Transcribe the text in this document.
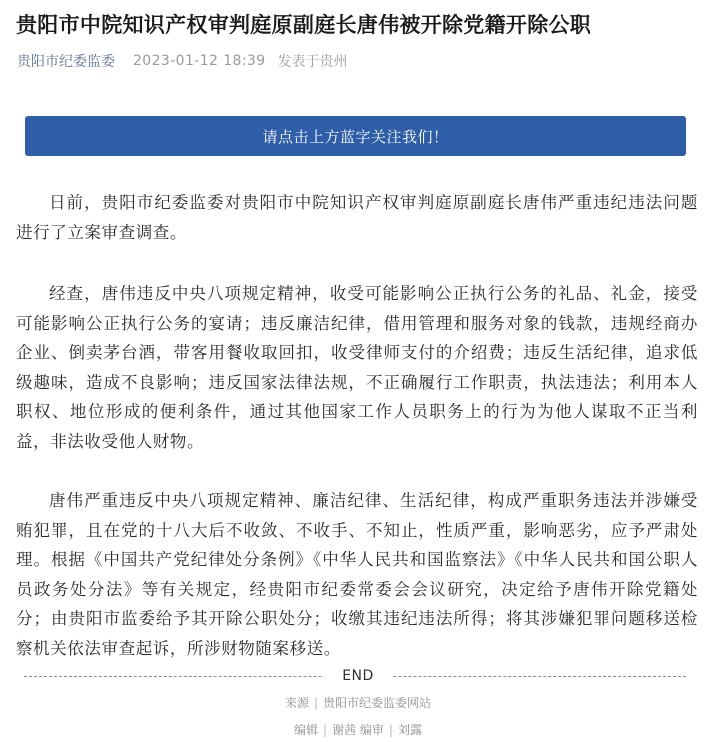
贵阳市中院知识产权审判庭原副庭长唐伟被开除党籍开除公职
贵阳市纪委监委 2023-01-12 18:39 发表于贵州
请点击上方蓝字关注我们！

日前，贵阳市纪委监委对贵阳市中院知识产权审判庭原副庭长唐伟严重违纪违法问题进行了立案审查调查。

经查，唐伟违反中央八项规定精神，收受可能影响公正执行公务的礼品、礼金，接受可能影响公正执行公务的宴请；违反廉洁纪律，借用管理和服务对象的钱款，违规经商办企业、倒卖茅台酒，带客用餐收取回扣，收受律师支付的介绍费；违反生活纪律，追求低级趣味，造成不良影响；违反国家法律法规，不正确履行工作职责，执法违法；利用本人职权、地位形成的便利条件，通过其他国家工作人员职务上的行为为他人谋取不正当利益，非法收受他人财物。

唐伟严重违反中央八项规定精神、廉洁纪律、生活纪律，构成严重职务违法并涉嫌受贿犯罪，且在党的十八大后不收敛、不收手、不知止，性质严重，影响恶劣，应予严肃处理。根据《中国共产党纪律处分条例》《中华人民共和国监察法》《中华人民共和国公职人员政务处分法》等有关规定，经贵阳市纪委常委会会议研究，决定给予唐伟开除党籍处分；由贵阳市监委给予其开除公职处分；收缴其违纪违法所得；将其涉嫌犯罪问题移送检察机关依法审查起诉，所涉财物随案移送。

END
来源 | 贵阳市纪委监委网站
编辑 | 谢茜 编审 | 刘露
